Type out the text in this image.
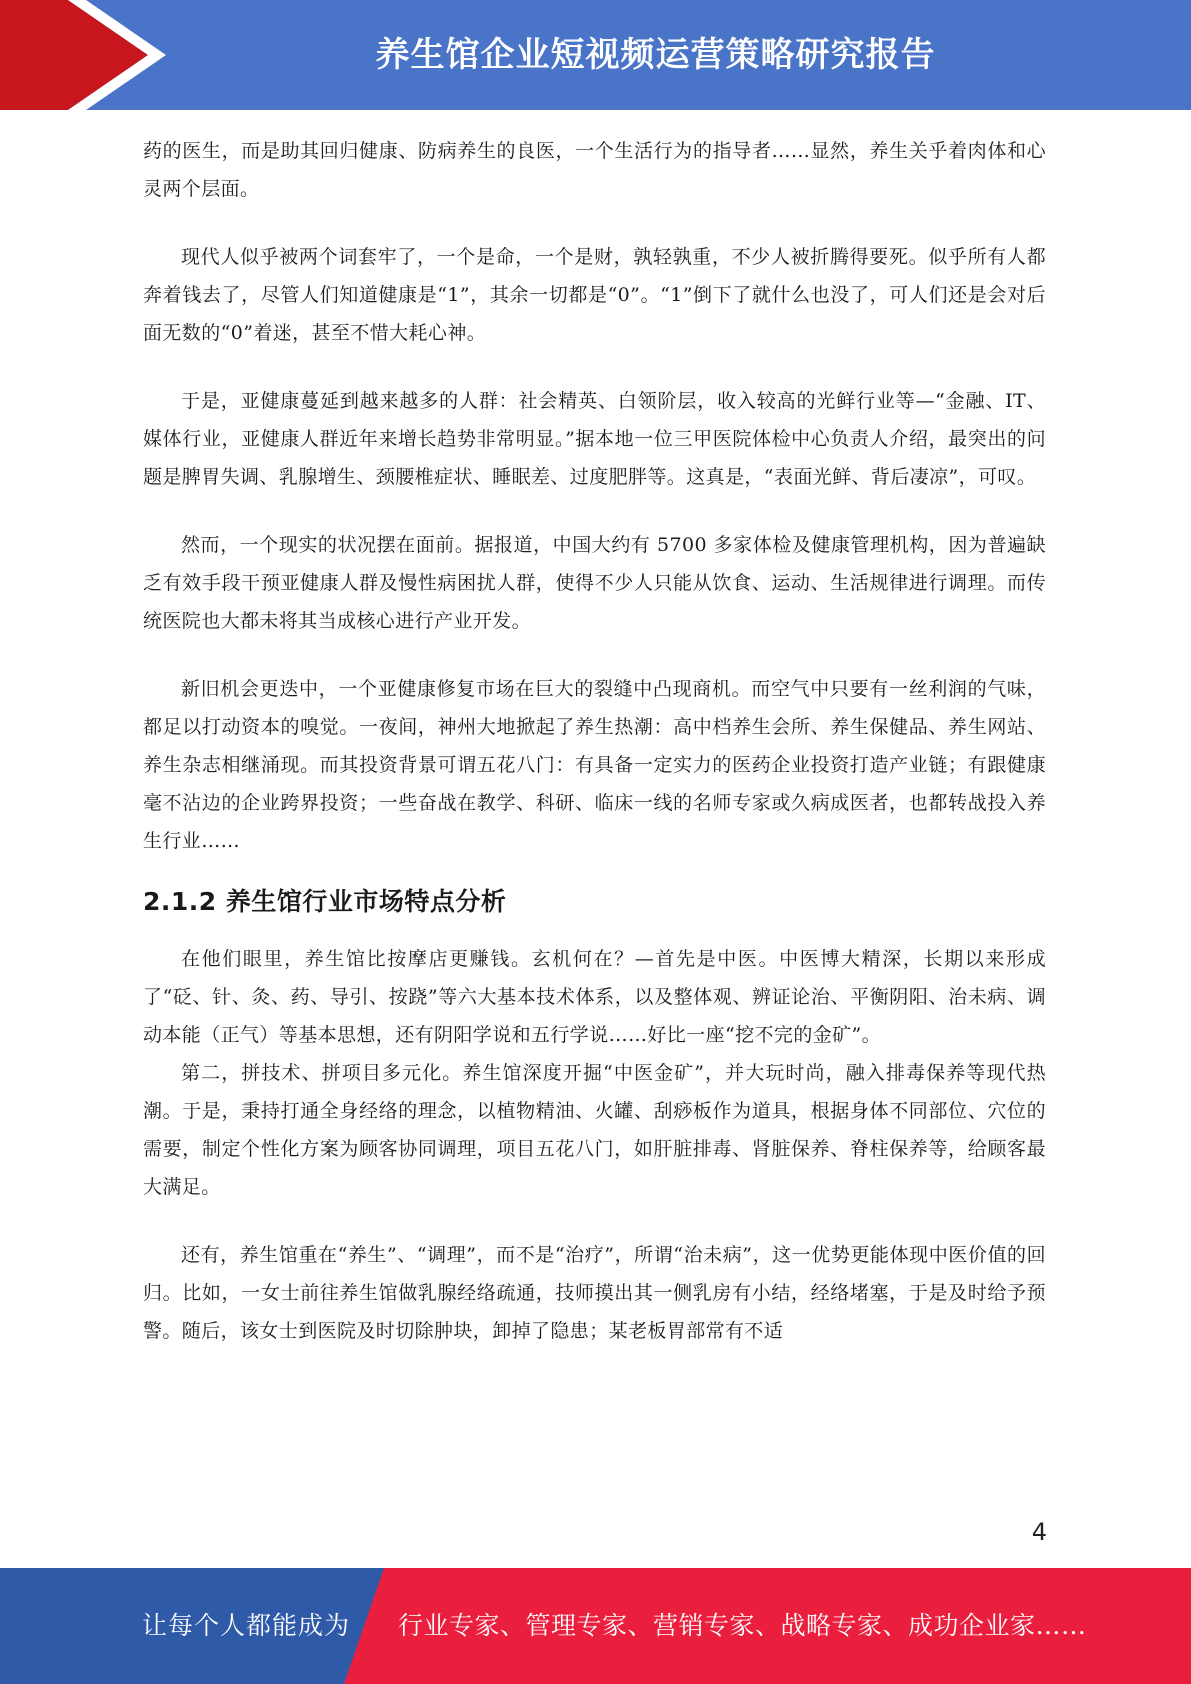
养生馆企业短视频运营策略研究报告

药的医生，而是助其回归健康、防病养生的良医，一个生活行为的指导者……显然，养生关乎着肉体和心灵两个层面。

现代人似乎被两个词套牢了，一个是命，一个是财，孰轻孰重，不少人被折腾得要死。似乎所有人都奔着钱去了，尽管人们知道健康是“1”，其余一切都是“0”。“1”倒下了就什么也没了，可人们还是会对后面无数的“0”着迷，甚至不惜大耗心神。

于是，亚健康蔓延到越来越多的人群：社会精英、白领阶层，收入较高的光鲜行业等—“金融、IT、媒体行业，亚健康人群近年来增长趋势非常明显。”据本地一位三甲医院体检中心负责人介绍，最突出的问题是脾胃失调、乳腺增生、颈腰椎症状、睡眠差、过度肥胖等。这真是，“表面光鲜、背后凄凉”，可叹。

然而，一个现实的状况摆在面前。据报道，中国大约有 5700 多家体检及健康管理机构，因为普遍缺乏有效手段干预亚健康人群及慢性病困扰人群，使得不少人只能从饮食、运动、生活规律进行调理。而传统医院也大都未将其当成核心进行产业开发。

新旧机会更迭中，一个亚健康修复市场在巨大的裂缝中凸现商机。而空气中只要有一丝利润的气味，都足以打动资本的嗅觉。一夜间，神州大地掀起了养生热潮：高中档养生会所、养生保健品、养生网站、养生杂志相继涌现。而其投资背景可谓五花八门：有具备一定实力的医药企业投资打造产业链；有跟健康毫不沾边的企业跨界投资；一些奋战在教学、科研、临床一线的名师专家或久病成医者，也都转战投入养生行业……

2.1.2 养生馆行业市场特点分析

在他们眼里，养生馆比按摩店更赚钱。玄机何在？—首先是中医。中医博大精深，长期以来形成了“砭、针、灸、药、导引、按跷”等六大基本技术体系，以及整体观、辨证论治、平衡阴阳、治未病、调动本能（正气）等基本思想，还有阴阳学说和五行学说……好比一座“挖不完的金矿”。

第二，拼技术、拼项目多元化。养生馆深度开掘“中医金矿”，并大玩时尚，融入排毒保养等现代热潮。于是，秉持打通全身经络的理念，以植物精油、火罐、刮痧板作为道具，根据身体不同部位、穴位的需要，制定个性化方案为顾客协同调理，项目五花八门，如肝脏排毒、肾脏保养、脊柱保养等，给顾客最大满足。

还有，养生馆重在“养生”、“调理”，而不是“治疗”，所谓“治未病”，这一优势更能体现中医价值的回归。比如，一女士前往养生馆做乳腺经络疏通，技师摸出其一侧乳房有小结，经络堵塞，于是及时给予预警。随后，该女士到医院及时切除肿块，卸掉了隐患；某老板胃部常有不适

4
让每个人都能成为 行业专家、管理专家、营销专家、战略专家、成功企业家……
